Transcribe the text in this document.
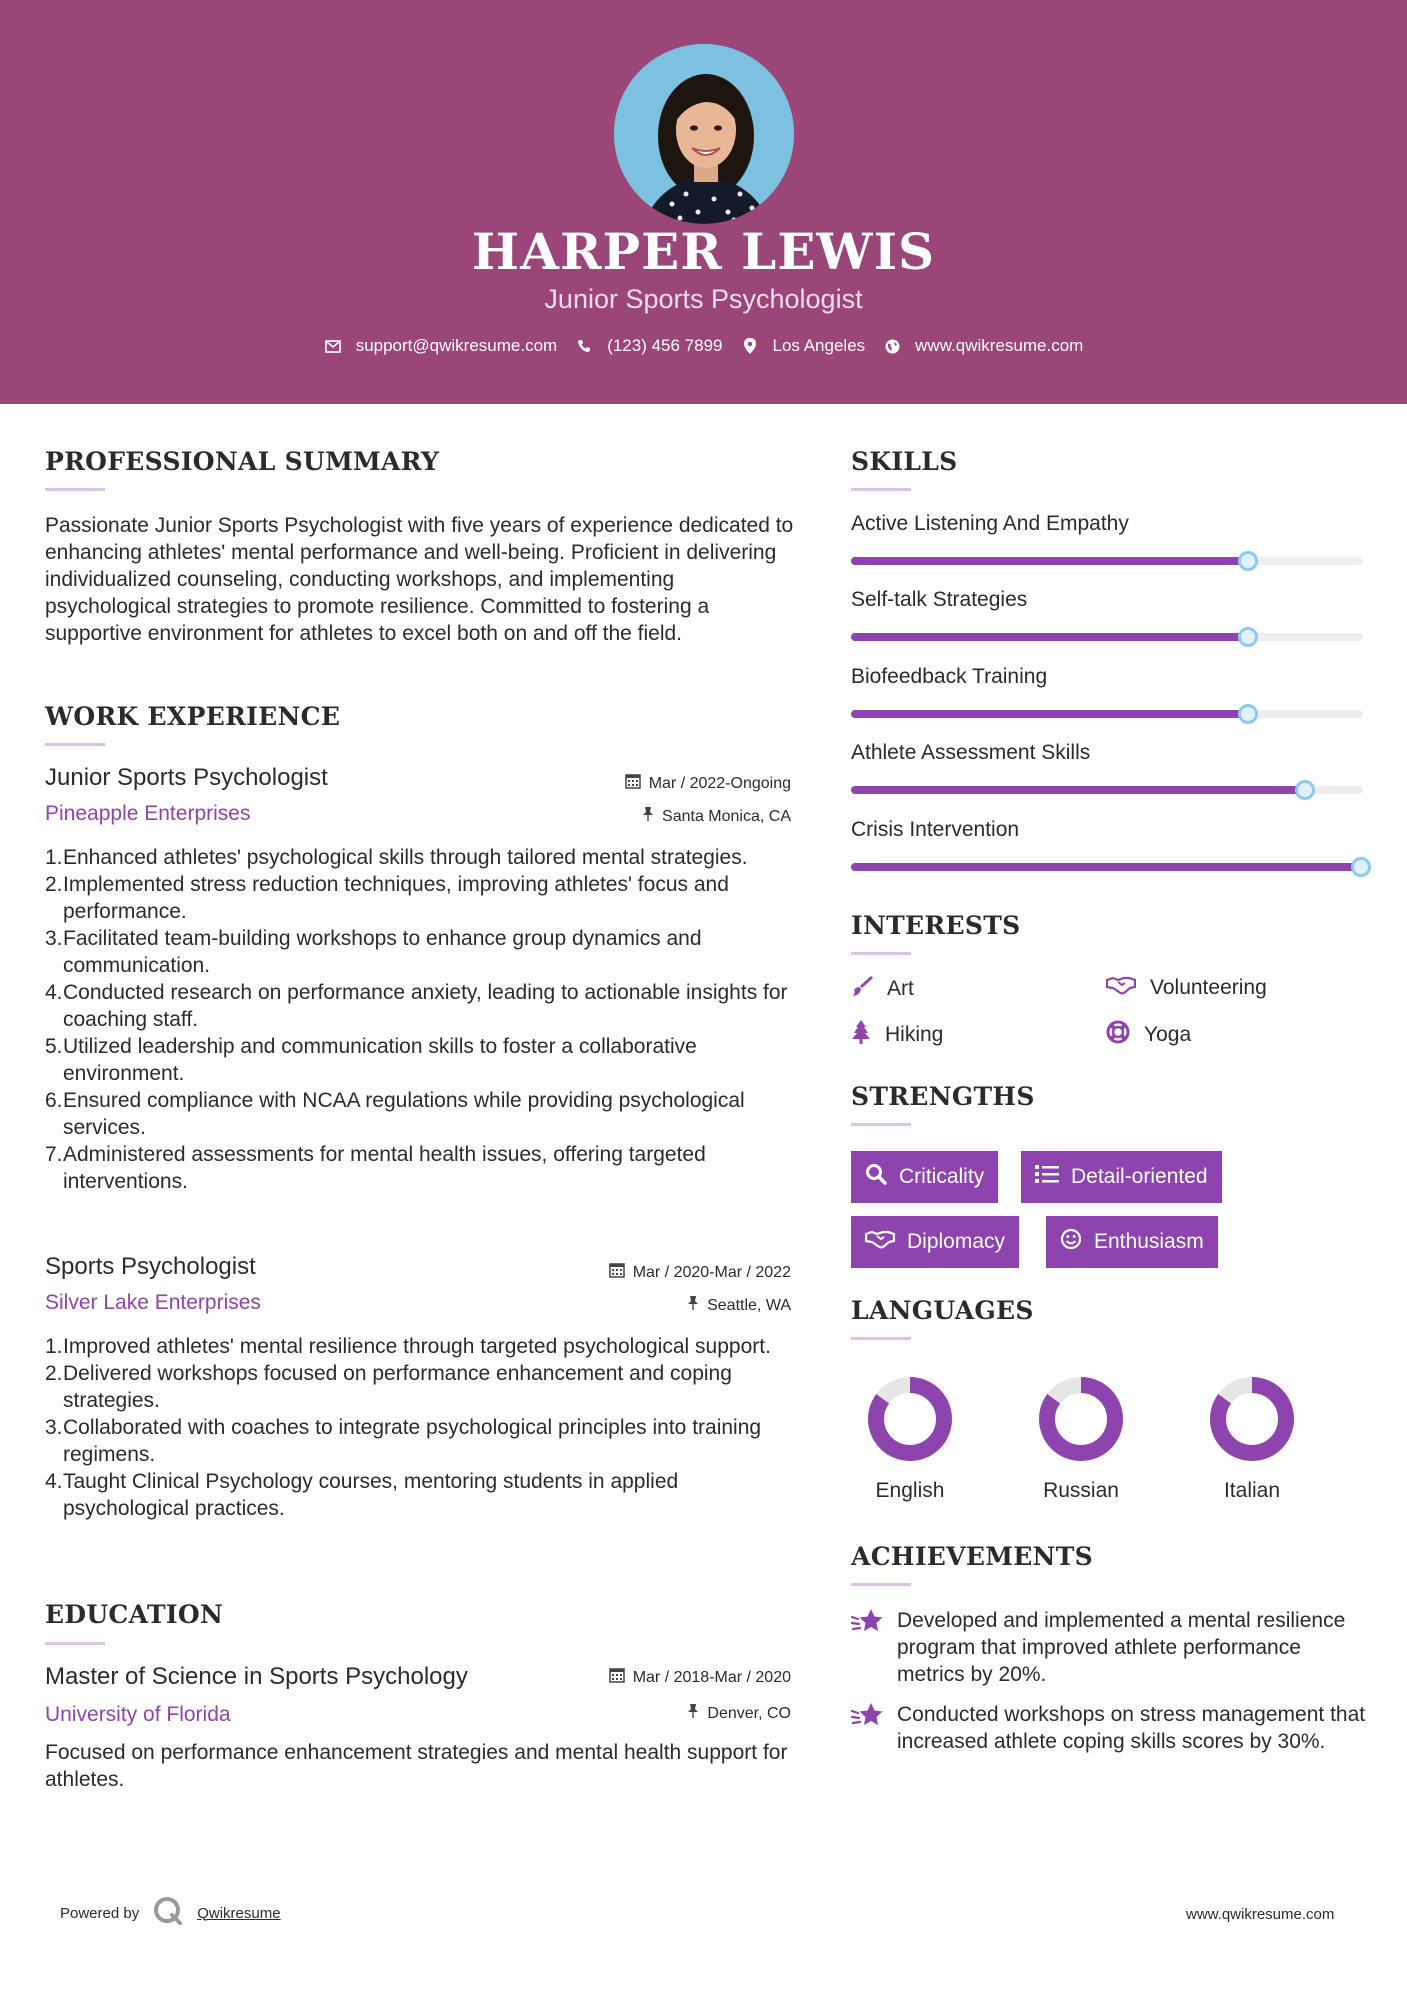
HARPER LEWIS
Junior Sports Psychologist
support@qwikresume.com	(123) 456 7899	Los Angeles	www.qwikresume.com
PROFESSIONAL SUMMARY
Passionate Junior Sports Psychologist with five years of experience dedicated to enhancing athletes' mental performance and well-being. Proficient in delivering individualized counseling, conducting workshops, and implementing psychological strategies to promote resilience. Committed to fostering a supportive environment for athletes to excel both on and off the field.
WORK EXPERIENCE
Junior Sports Psychologist	Mar / 2022-Ongoing
Pineapple Enterprises	Santa Monica, CA
1. Enhanced athletes' psychological skills through tailored mental strategies.
2. Implemented stress reduction techniques, improving athletes' focus and performance.
3. Facilitated team-building workshops to enhance group dynamics and communication.
4. Conducted research on performance anxiety, leading to actionable insights for coaching staff.
5. Utilized leadership and communication skills to foster a collaborative environment.
6. Ensured compliance with NCAA regulations while providing psychological services.
7. Administered assessments for mental health issues, offering targeted interventions.
Sports Psychologist	Mar / 2020-Mar / 2022
Silver Lake Enterprises	Seattle, WA
1. Improved athletes' mental resilience through targeted psychological support.
2. Delivered workshops focused on performance enhancement and coping strategies.
3. Collaborated with coaches to integrate psychological principles into training regimens.
4. Taught Clinical Psychology courses, mentoring students in applied psychological practices.
EDUCATION
Master of Science in Sports Psychology	Mar / 2018-Mar / 2020
University of Florida	Denver, CO
Focused on performance enhancement strategies and mental health support for athletes.
SKILLS
Active Listening And Empathy
Self-talk Strategies
Biofeedback Training
Athlete Assessment Skills
Crisis Intervention
INTERESTS
Art	Volunteering
Hiking	Yoga
STRENGTHS
Criticality	Detail-oriented
Diplomacy	Enthusiasm
LANGUAGES
English	Russian	Italian
ACHIEVEMENTS
Developed and implemented a mental resilience program that improved athlete performance metrics by 20%.
Conducted workshops on stress management that increased athlete coping skills scores by 30%.
Powered by	Qwikresume	www.qwikresume.com
